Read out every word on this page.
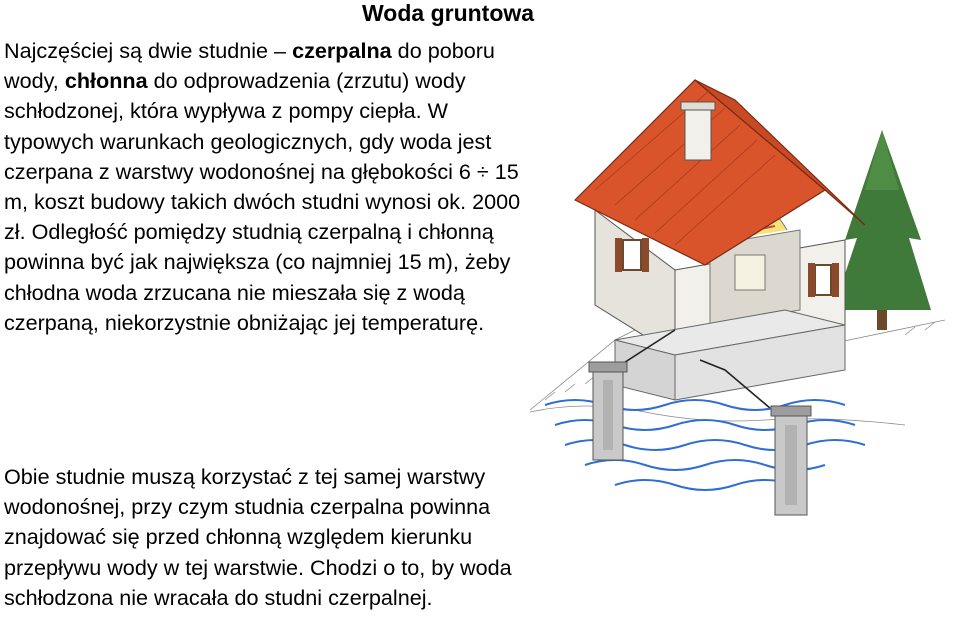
Woda gruntowa

Najczęściej są dwie studnie – czerpalna do poboru wody, chłonna do odprowadzenia (zrzutu) wody schłodzonej, która wypływa z pompy ciepła. W typowych warunkach geologicznych, gdy woda jest czerpana z warstwy wodonośnej na głębokości 6 ÷ 15 m, koszt budowy takich dwóch studni wynosi ok. 2000 zł. Odległość pomiędzy studnią czerpalną i chłonną powinna być jak największa (co najmniej 15 m), żeby chłodna woda zrzucana nie mieszała się z wodą czerpaną, niekorzystnie obniżając jej temperaturę.

Obie studnie muszą korzystać z tej samej warstwy wodonośnej, przy czym studnia czerpalna powinna znajdować się przed chłonną względem kierunku przepływu wody w tej warstwie. Chodzi o to, by woda schłodzona nie wracała do studni czerpalnej.
